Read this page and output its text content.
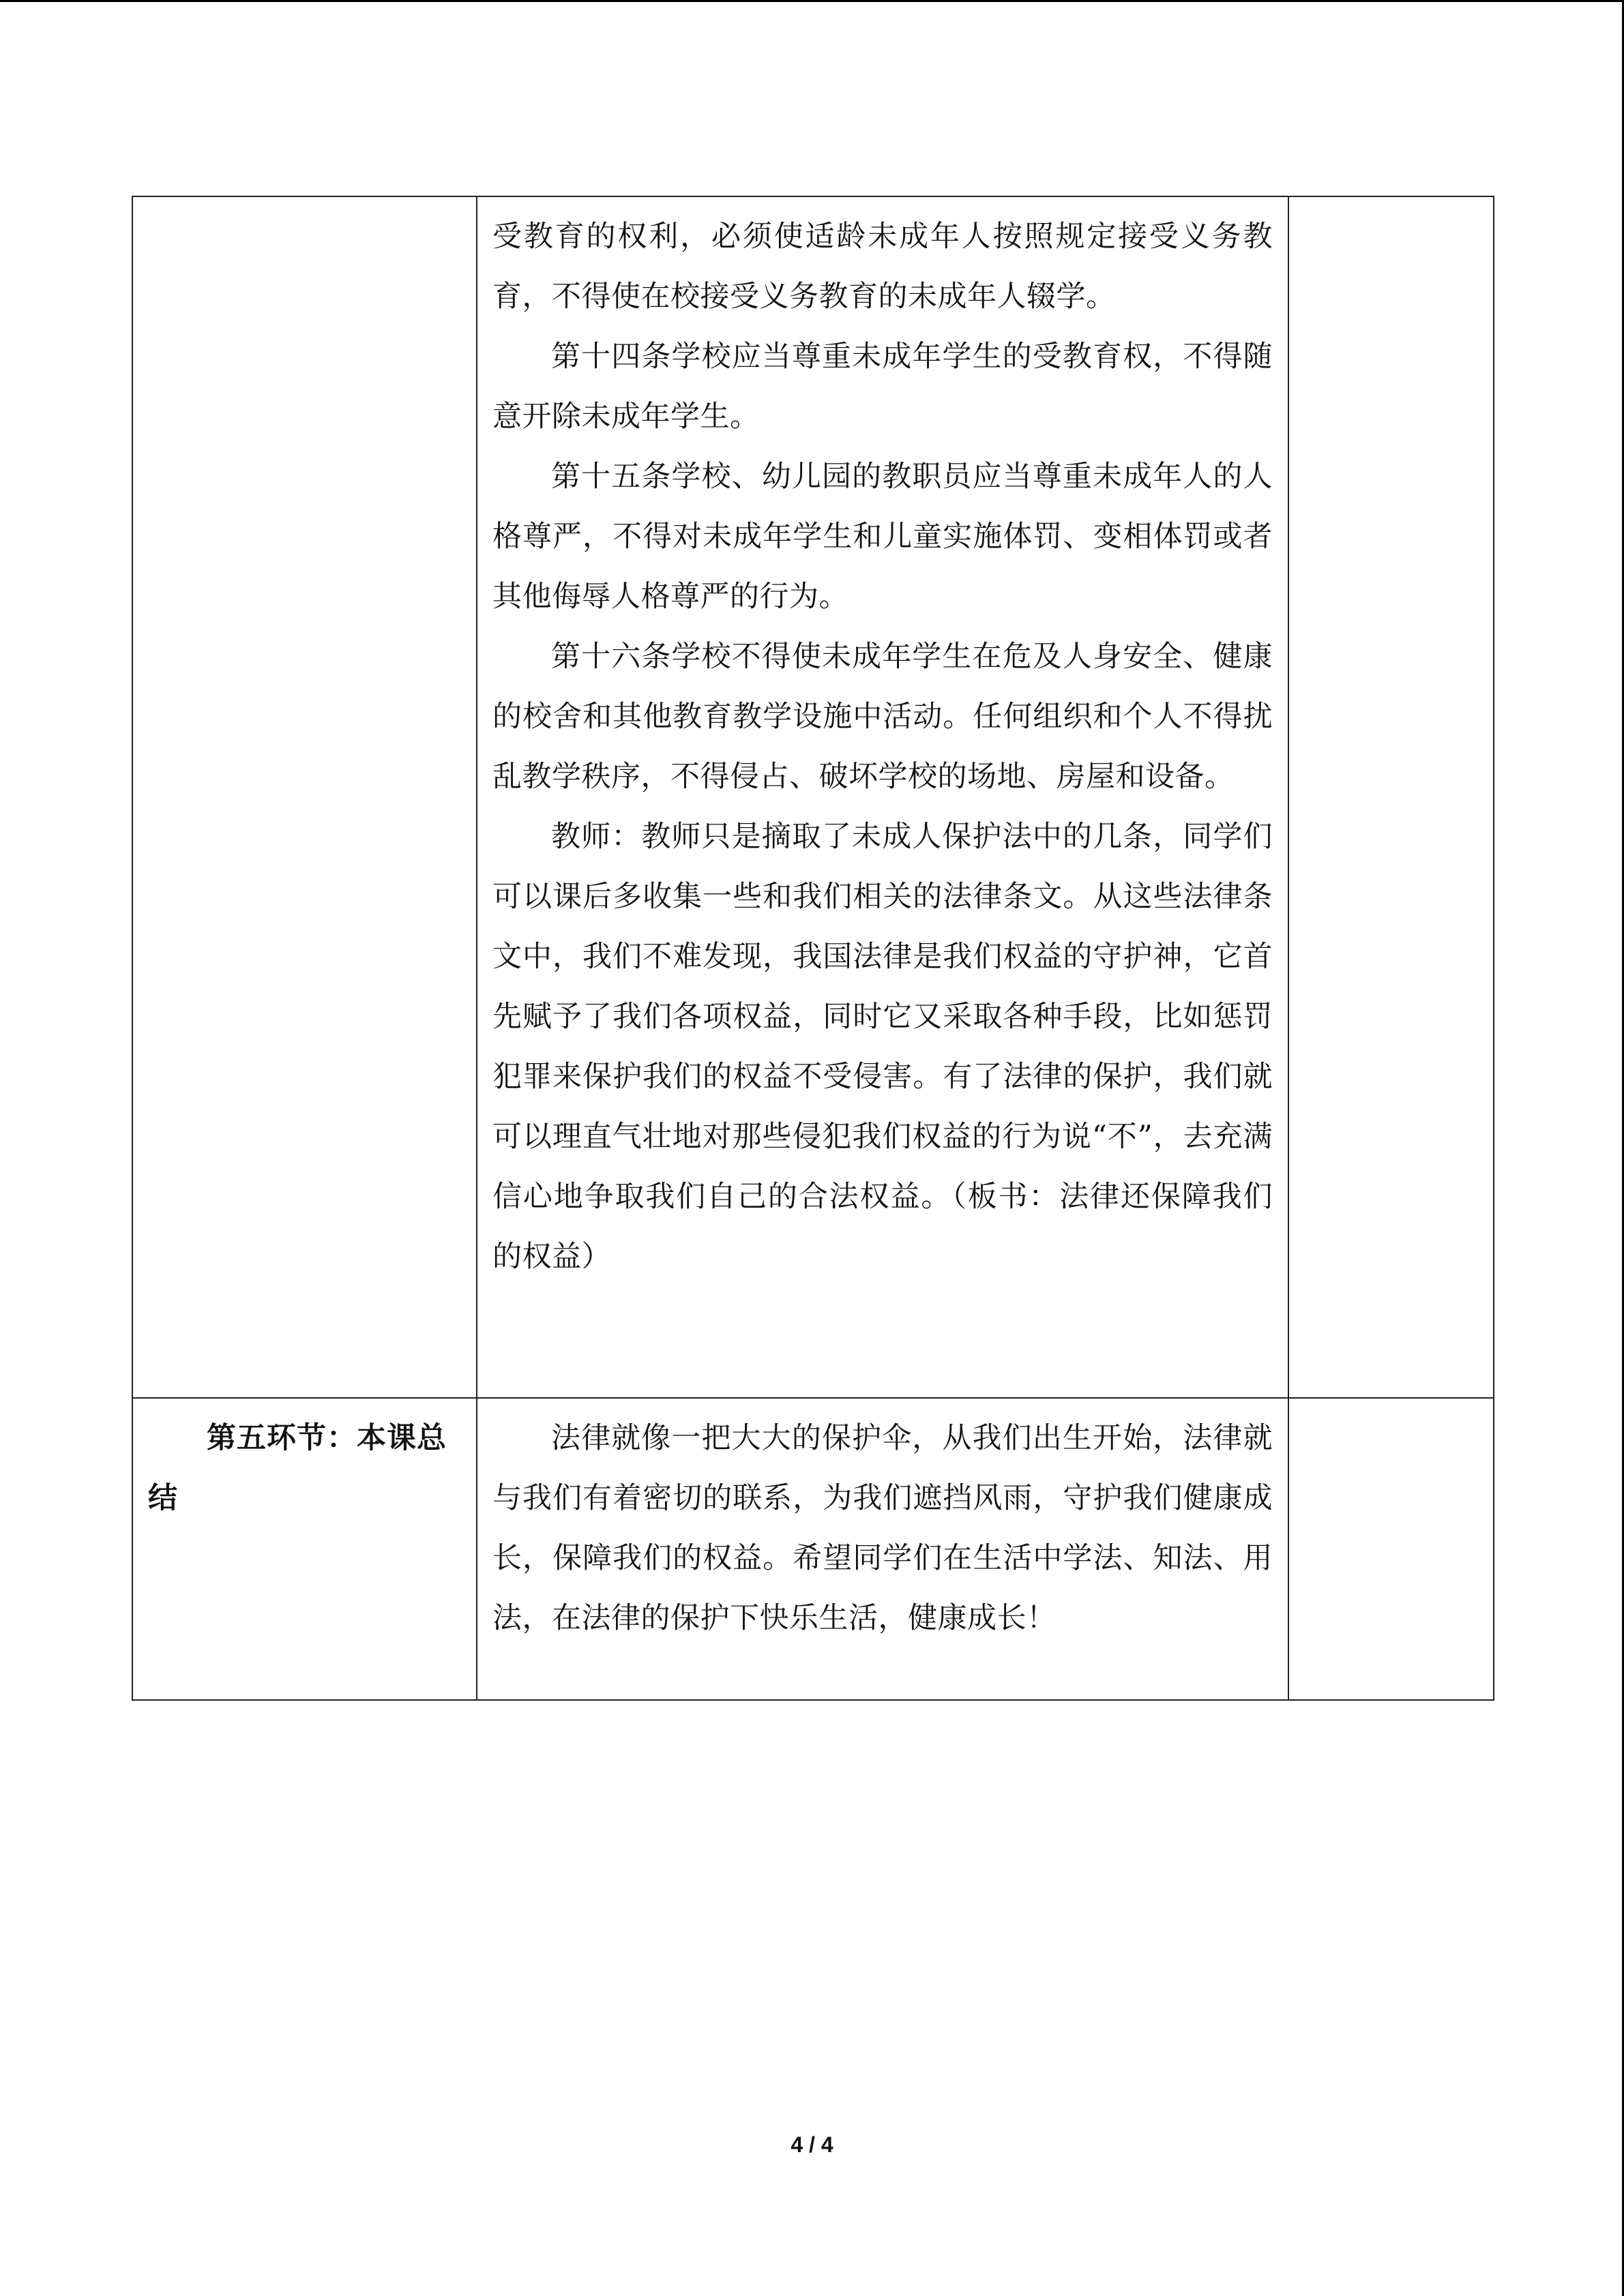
	受教育的权利，必须使适龄未成年人按照规定接受义务教育，不得使在校接受义务教育的未成年人辍学。

第十四条学校应当尊重未成年学生的受教育权，不得随意开除未成年学生。

第十五条学校、幼儿园的教职员应当尊重未成年人的人格尊严，不得对未成年学生和儿童实施体罚、变相体罚或者其他侮辱人格尊严的行为。

第十六条学校不得使未成年学生在危及人身安全、健康的校舍和其他教育教学设施中活动。任何组织和个人不得扰乱教学秩序，不得侵占、破坏学校的场地、房屋和设备。

教师：教师只是摘取了未成人保护法中的几条，同学们可以课后多收集一些和我们相关的法律条文。从这些法律条文中，我们不难发现，我国法律是我们权益的守护神，它首先赋予了我们各项权益，同时它又采取各种手段，比如惩罚犯罪来保护我们的权益不受侵害。有了法律的保护，我们就可以理直气壮地对那些侵犯我们权益的行为说“不”，去充满信心地争取我们自己的合法权益。（板书：法律还保障我们的权益）	

第五环节：本课总结	法律就像一把大大的保护伞，从我们出生开始，法律就与我们有着密切的联系，为我们遮挡风雨，守护我们健康成长，保障我们的权益。希望同学们在生活中学法、知法、用法，在法律的保护下快乐生活，健康成长！	

4 / 4
